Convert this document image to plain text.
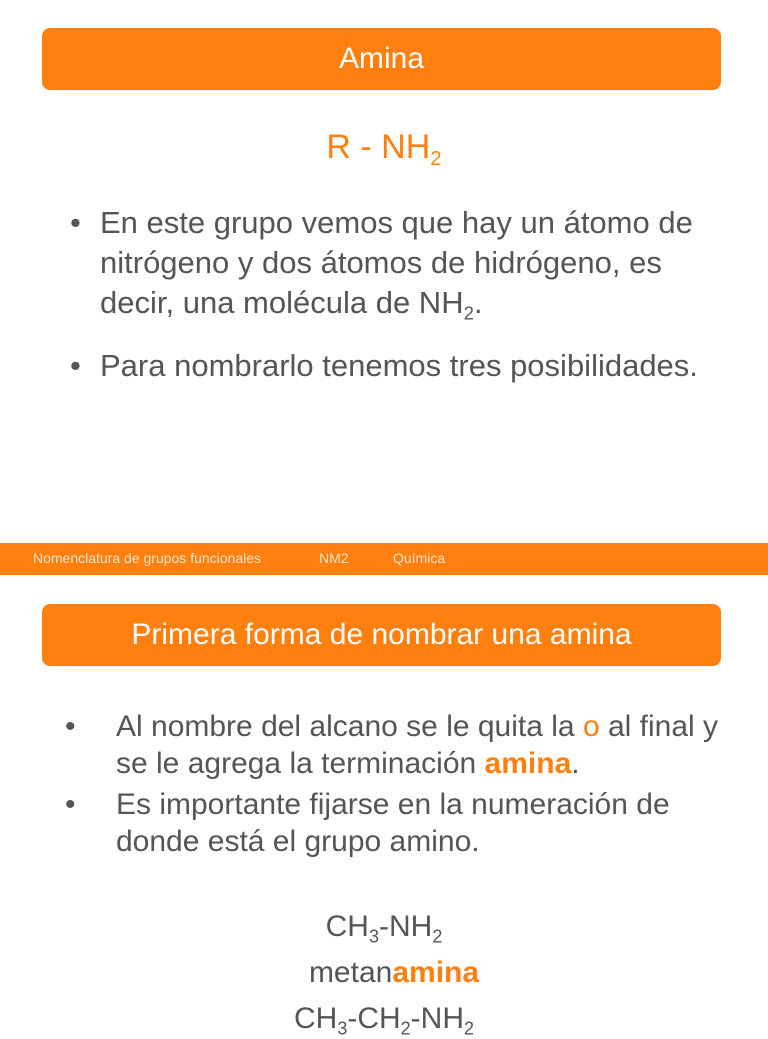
Amina
R - $NH_2$
• En este grupo vemos que hay un átomo de nitrógeno y dos átomos de hidrógeno, es decir, una molécula de $NH_2$.
• Para nombrarlo tenemos tres posibilidades.
Nomenclatura de grupos funcionales	NM2	Química
Primera forma de nombrar una amina
• Al nombre del alcano se le quita la o al final y se le agrega la terminación amina.
• Es importante fijarse en la numeración de donde está el grupo amino.
$CH_3-NH_2$
metanamina
$CH_3-CH_2-NH_2$
